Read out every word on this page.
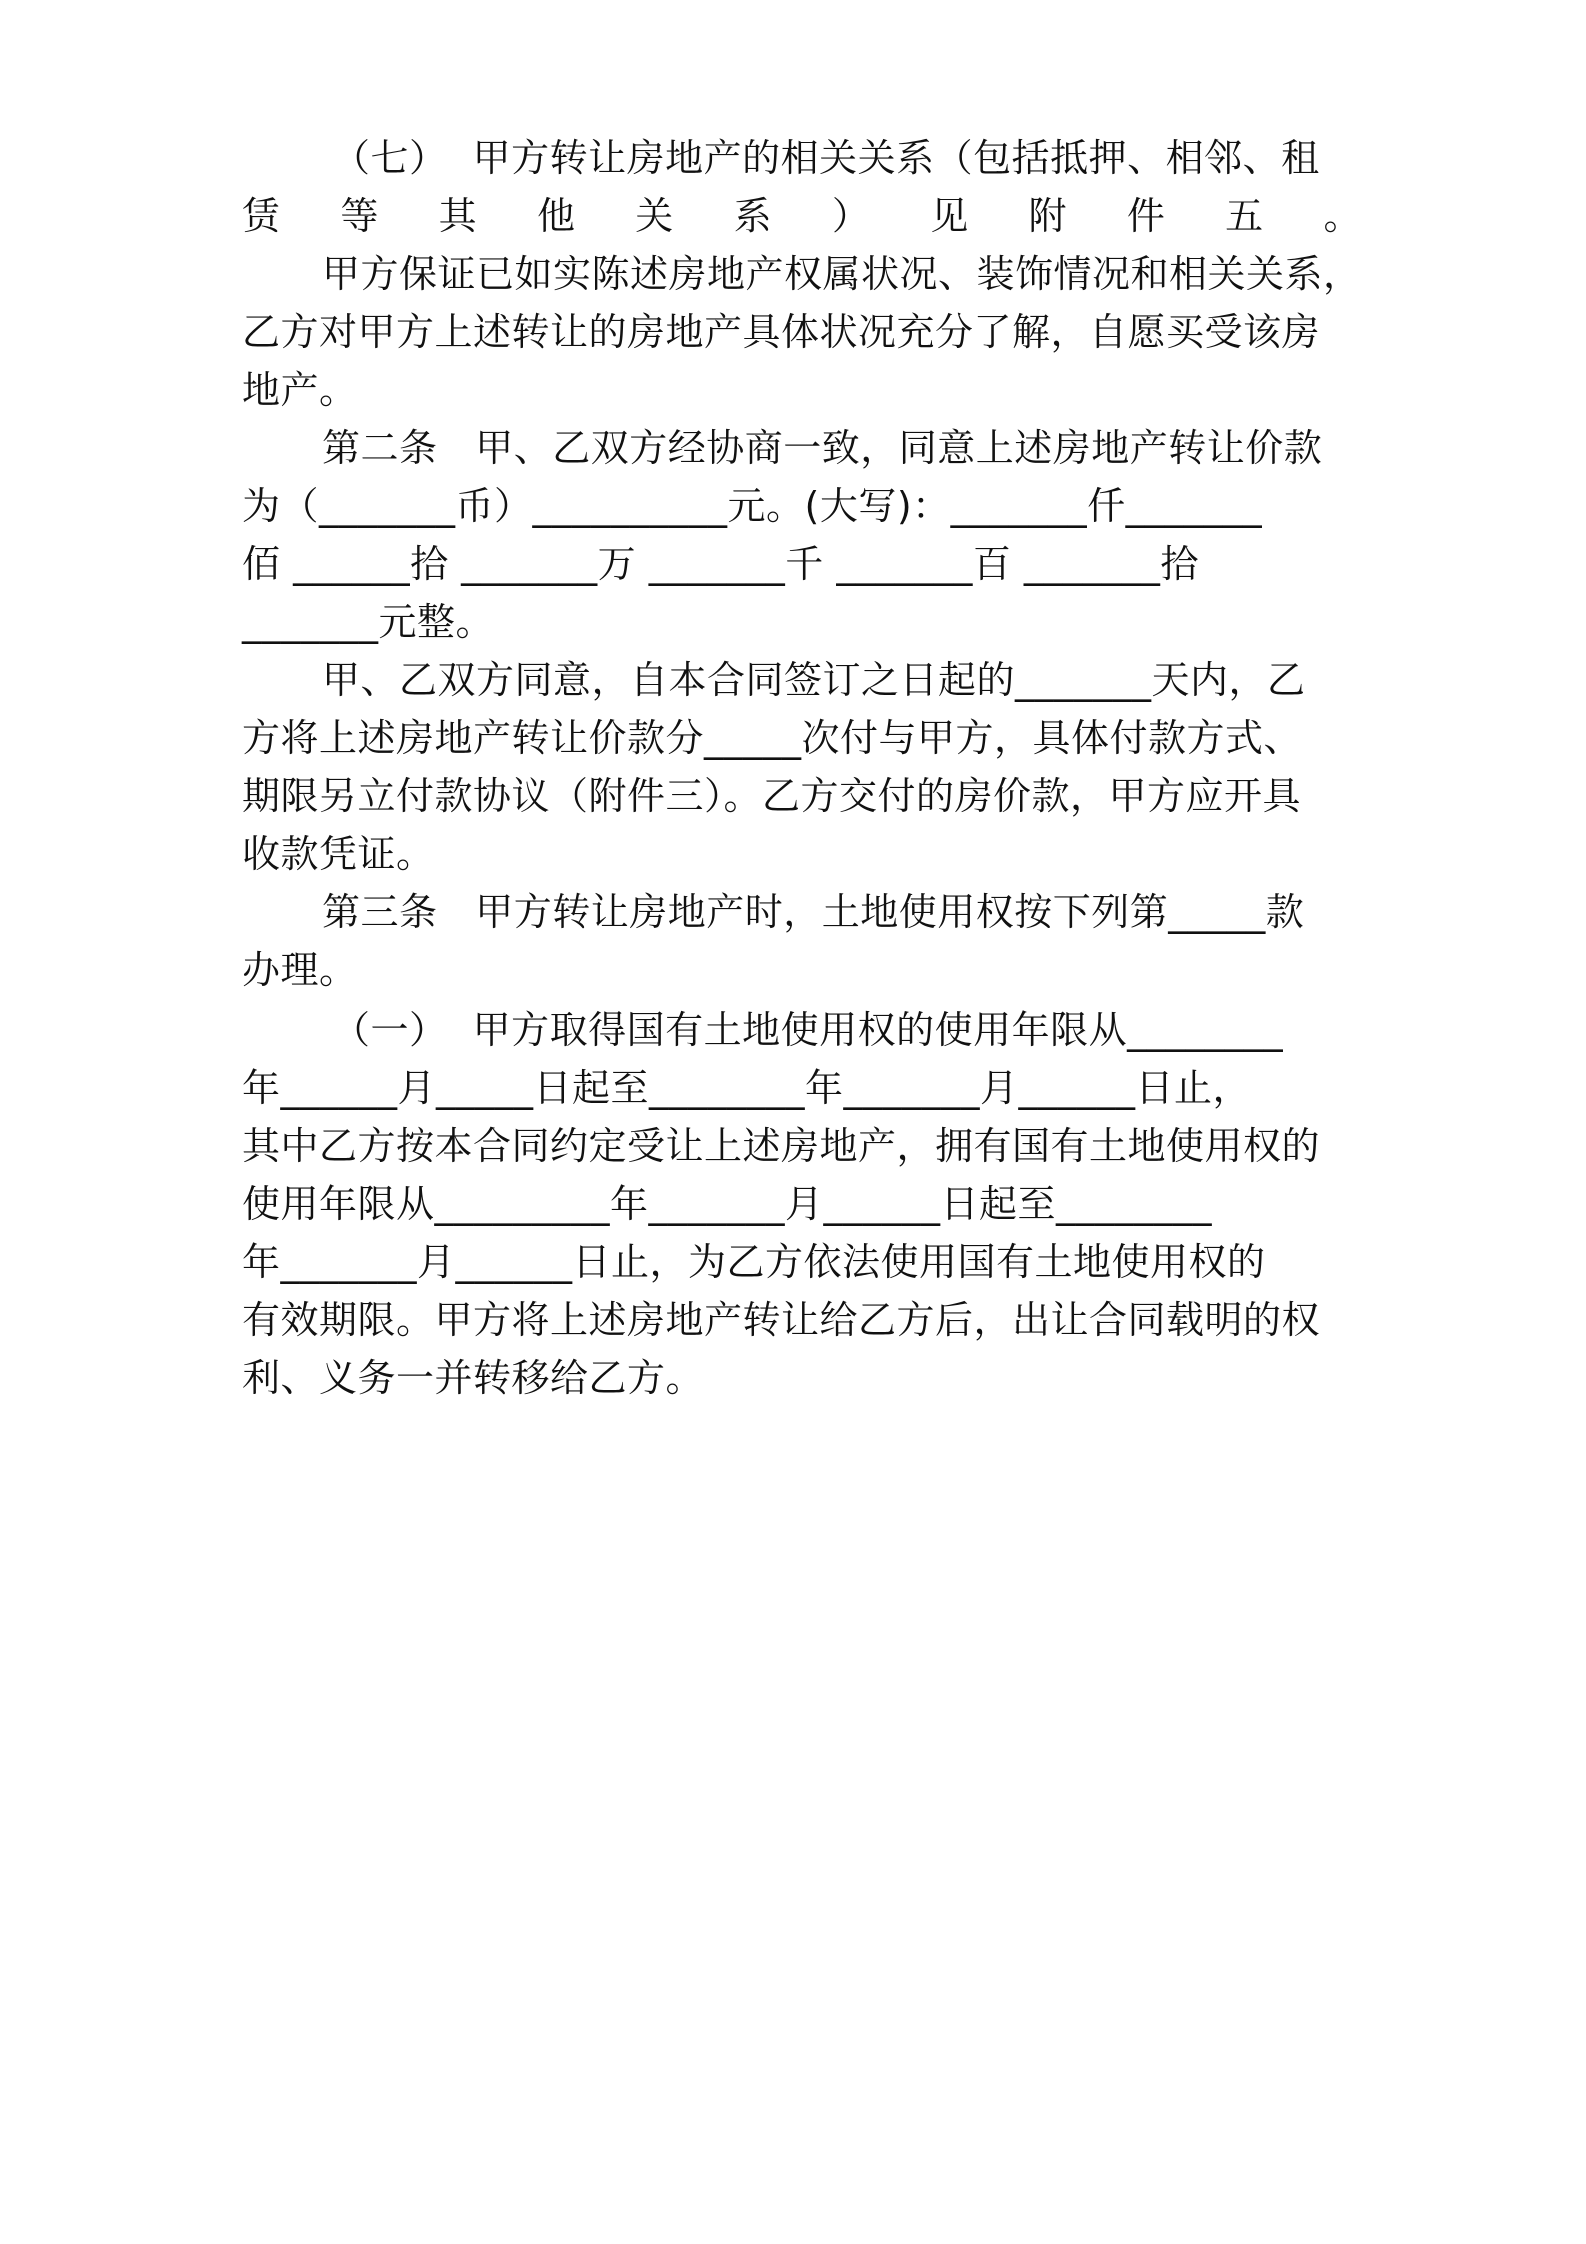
（七）  甲方转让房地产的相关关系（包括抵押、相邻、租
赁等其他关系）见附件五。
甲方保证已如实陈述房地产权属状况、装饰情况和相关关系，
乙方对甲方上述转让的房地产具体状况充分了解，自愿买受该房
地产。
第二条   甲、乙双方经协商一致，同意上述房地产转让价款
为（_______币）__________元。(大写)：_______仟_______
佰 ______拾 _______万 _______千 _______百 _______拾
_______元整。
甲、乙双方同意，自本合同签订之日起的_______天内，乙
方将上述房地产转让价款分_____次付与甲方，具体付款方式、
期限另立付款协议（附件三）。乙方交付的房价款，甲方应开具
收款凭证。
第三条   甲方转让房地产时，土地使用权按下列第_____款
办理。
（一）  甲方取得国有土地使用权的使用年限从________
年______月_____日起至________年_______月______日止，
其中乙方按本合同约定受让上述房地产，拥有国有土地使用权的
使用年限从_________年_______月______日起至________
年_______月______日止，为乙方依法使用国有土地使用权的
有效期限。甲方将上述房地产转让给乙方后，出让合同载明的权
利、义务一并转移给乙方。
